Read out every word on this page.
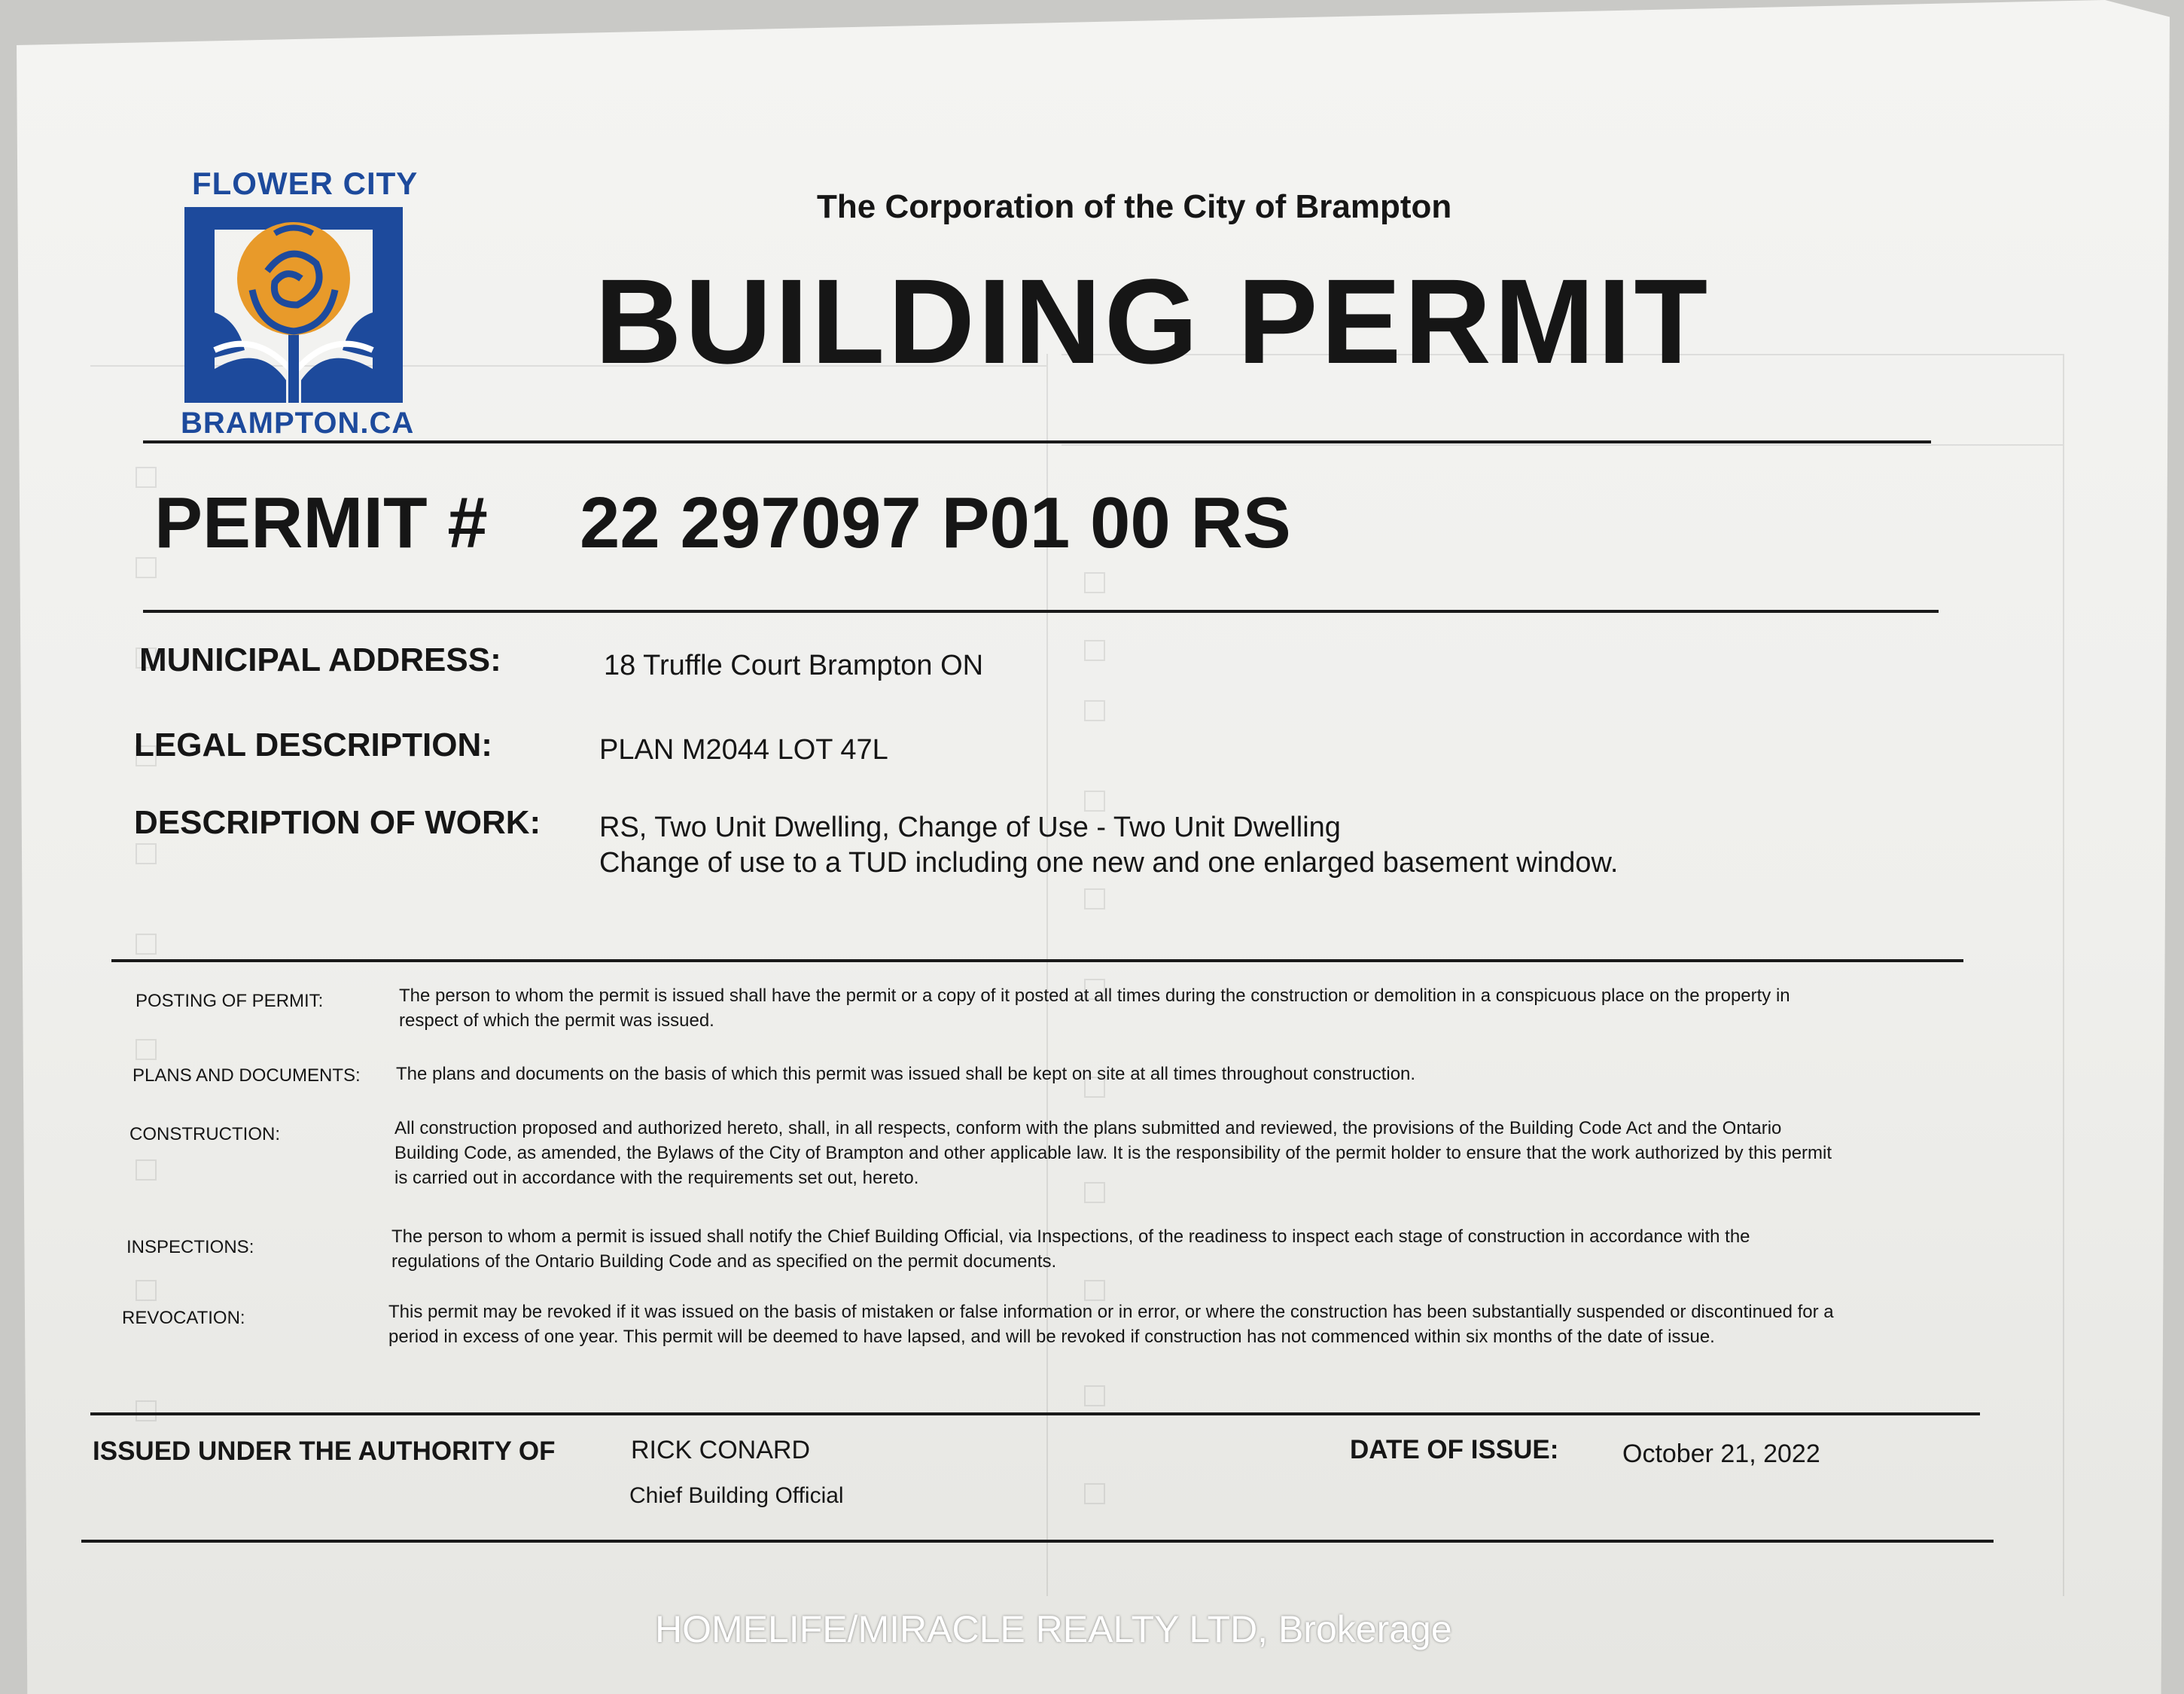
FLOWER CITY
BRAMPTON.CA
The Corporation of the City of Brampton
BUILDING PERMIT
PERMIT # 22 297097 P01 00 RS
MUNICIPAL ADDRESS:	18 Truffle Court Brampton ON
LEGAL DESCRIPTION:	PLAN M2044 LOT 47L
DESCRIPTION OF WORK: RS, Two Unit Dwelling, Change of Use - Two Unit Dwelling
Change of use to a TUD including one new and one enlarged basement window.
POSTING OF PERMIT:	The person to whom the permit is issued shall have the permit or a copy of it posted at all times during the construction or demolition in a conspicuous place on the property in respect of which the permit was issued.
PLANS AND DOCUMENTS: The plans and documents on the basis of which this permit was issued shall be kept on site at all times throughout construction.
CONSTRUCTION:	All construction proposed and authorized hereto, shall, in all respects, conform with the plans submitted and reviewed, the provisions of the Building Code Act and the Ontario Building Code, as amended, the Bylaws of the City of Brampton and other applicable law. It is the responsibility of the permit holder to ensure that the work authorized by this permit is carried out in accordance with the requirements set out, hereto.
INSPECTIONS:
The person to whom a permit is issued shall notify the Chief Building Official, via Inspections, of the readiness to inspect each stage of construction in accordance with the regulations of the Ontario Building Code and as specified on the permit documents.
REVOCATION:	This permit may be revoked if it was issued on the basis of mistaken or false information or in error, or where the construction has been substantially suspended or discontinued for a period in excess of one year. This permit will be deemed to have lapsed, and will be revoked if construction has not commenced within six months of the date of issue.
ISSUED UNDER THE AUTHORITY OF	RICK CONARD
Chief Building Official
DATE OF ISSUE: October 21, 2022
HOMELIFE/MIRACLE REALTY LTD, Brokerage
